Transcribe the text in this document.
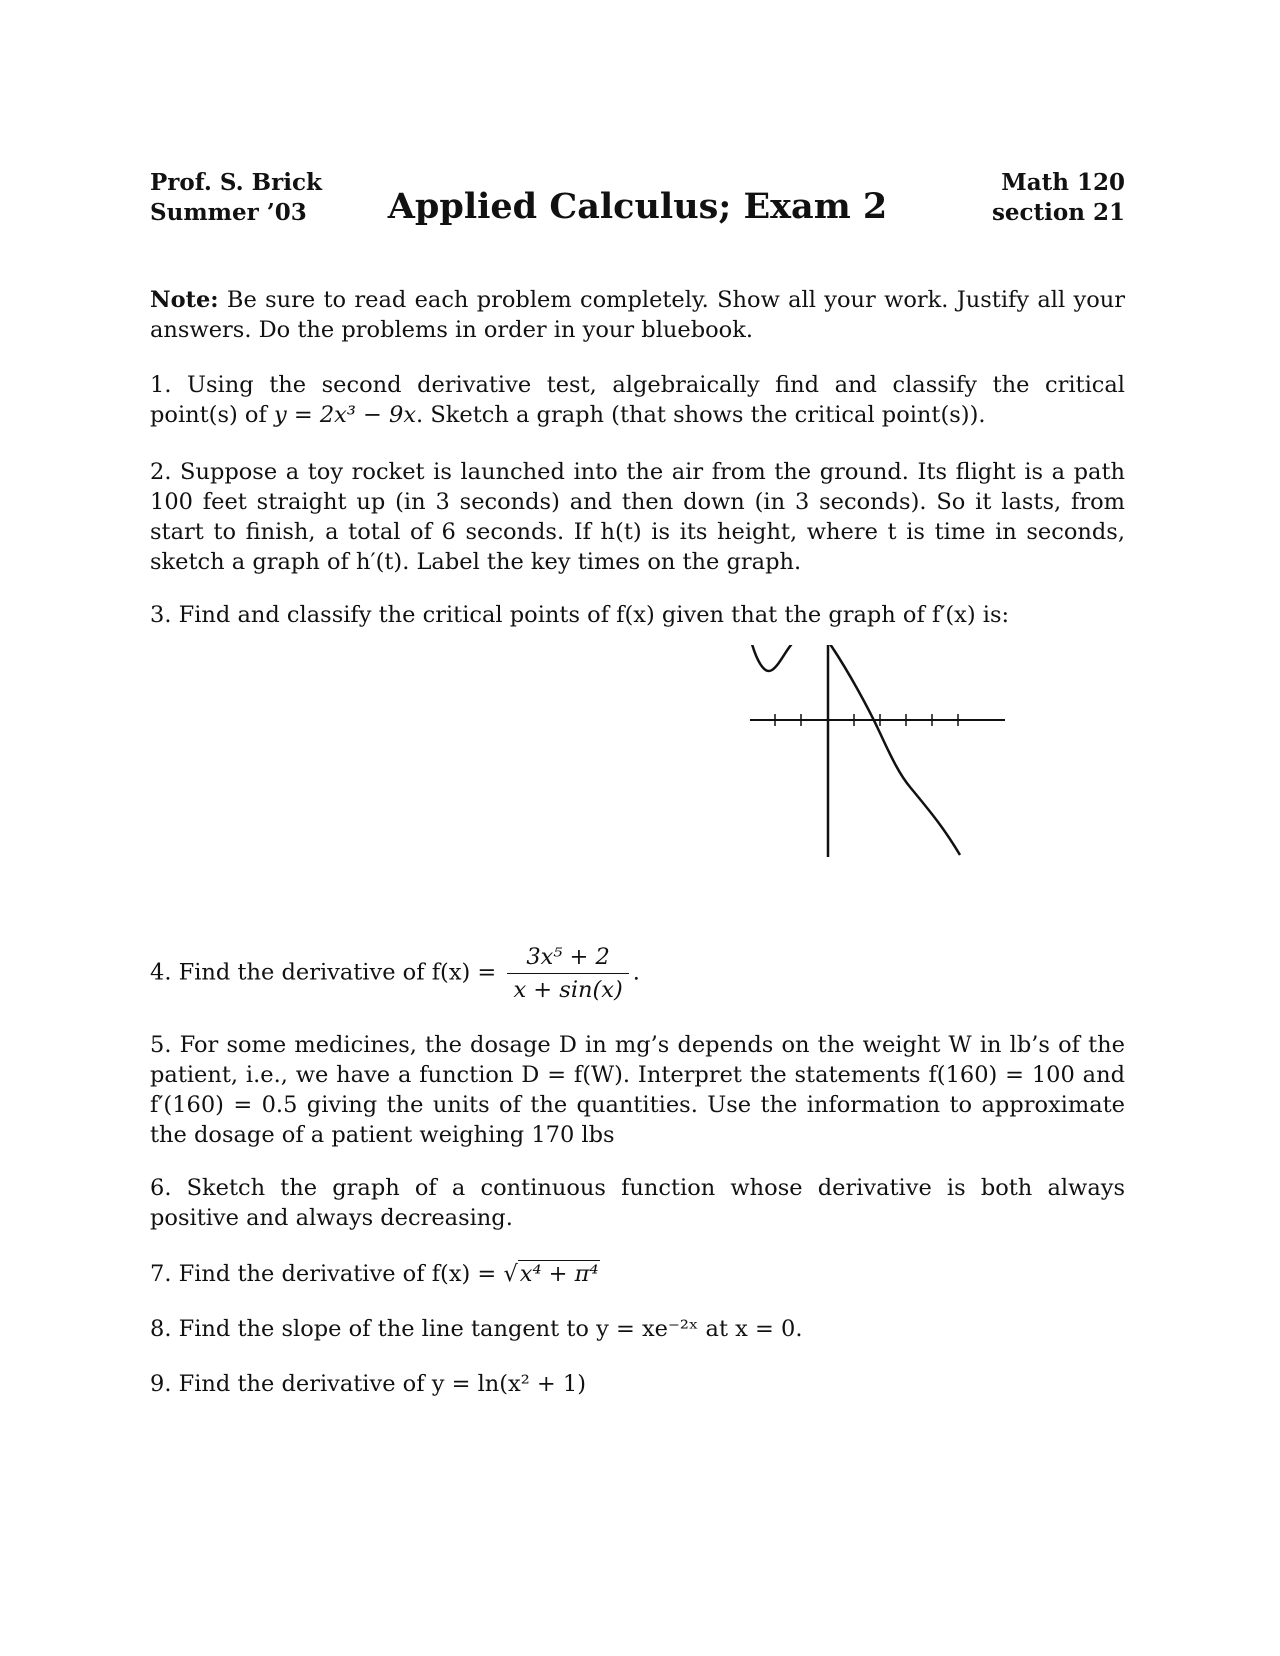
Prof. S. Brick
Summer ’03	Applied Calculus; Exam 2
Math 120
section 21
Note: Be sure to read each problem completely. Show all your work. Justify all your answers. Do the problems in order in your bluebook.
1. Using the second derivative test, algebraically find and classify the critical point(s) of y = 2x³ − 9x. Sketch a graph (that shows the critical point(s)).
2. Suppose a toy rocket is launched into the air from the ground. Its flight is a path 100 feet straight up (in 3 seconds) and then down (in 3 seconds). So it lasts, from start to finish, a total of 6 seconds. If h(t) is its height, where t is time in seconds, sketch a graph of h′(t). Label the key times on the graph.
3. Find and classify the critical points of f(x) given that the graph of f′(x) is:
4. Find the derivative of $f(x) = \frac{\text{3x⁵ + 2}}{x + \sin(x)}$ .
5. For some medicines, the dosage D in mg’s depends on the weight W in lb’s of the patient, i.e., we have a function D = f(W). Interpret the statements f(160) = 100 and f′(160) = 0.5 giving the units of the quantities. Use the information to approximate the dosage of a patient weighing 170 lbs
6. Sketch the graph of a continuous function whose derivative is both always positive and always decreasing.
7. Find the derivative of f(x) = √x⁴ + π⁴
8. Find the slope of the line tangent to y = xe⁻²ˣ at x = 0.
9. Find the derivative of y = ln(x² + 1)
